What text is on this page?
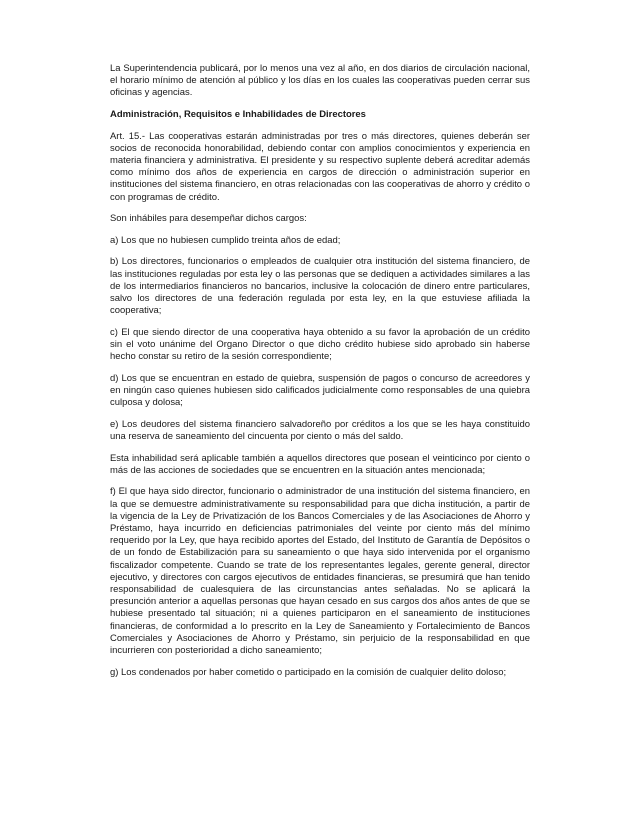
La Superintendencia publicará, por lo menos una vez al año, en dos diarios de circulación nacional, el horario mínimo de atención al público y los días en los cuales las cooperativas pueden cerrar sus oficinas y agencias.

Administración, Requisitos e Inhabilidades de Directores

Art. 15.- Las cooperativas estarán administradas por tres o más directores, quienes deberán ser socios de reconocida honorabilidad, debiendo contar con amplios conocimientos y experiencia en materia financiera y administrativa. El presidente y su respectivo suplente deberá acreditar además como mínimo dos años de experiencia en cargos de dirección o administración superior en instituciones del sistema financiero, en otras relacionadas con las cooperativas de ahorro y crédito o con programas de crédito.

Son inhábiles para desempeñar dichos cargos:

a) Los que no hubiesen cumplido treinta años de edad;

b) Los directores, funcionarios o empleados de cualquier otra institución del sistema financiero, de las instituciones reguladas por esta ley o las personas que se dediquen a actividades similares a las de los intermediarios financieros no bancarios, inclusive la colocación de dinero entre particulares, salvo los directores de una federación regulada por esta ley, en la que estuviese afiliada la cooperativa;

c) El que siendo director de una cooperativa haya obtenido a su favor la aprobación de un crédito sin el voto unánime del Organo Director o que dicho crédito hubiese sido aprobado sin haberse hecho constar su retiro de la sesión correspondiente;

d) Los que se encuentran en estado de quiebra, suspensión de pagos o concurso de acreedores y en ningún caso quienes hubiesen sido calificados judicialmente como responsables de una quiebra culposa y dolosa;

e) Los deudores del sistema financiero salvadoreño por créditos a los que se les haya constituido una reserva de saneamiento del cincuenta por ciento o más del saldo.

Esta inhabilidad será aplicable también a aquellos directores que posean el veinticinco por ciento o más de las acciones de sociedades que se encuentren en la situación antes mencionada;

f) El que haya sido director, funcionario o administrador de una institución del sistema financiero, en la que se demuestre administrativamente su responsabilidad para que dicha institución, a partir de la vigencia de la Ley de Privatización de los Bancos Comerciales y de las Asociaciones de Ahorro y Préstamo, haya incurrido en deficiencias patrimoniales del veinte por ciento más del mínimo requerido por la Ley, que haya recibido aportes del Estado, del Instituto de Garantía de Depósitos o de un fondo de Estabilización para su saneamiento o que haya sido intervenida por el organismo fiscalizador competente. Cuando se trate de los representantes legales, gerente general, director ejecutivo, y directores con cargos ejecutivos de entidades financieras, se presumirá que han tenido responsabilidad de cualesquiera de las circunstancias antes señaladas. No se aplicará la presunción anterior a aquellas personas que hayan cesado en sus cargos dos años antes de que se hubiese presentado tal situación; ni a quienes participaron en el saneamiento de instituciones financieras, de conformidad a lo prescrito en la Ley de Saneamiento y Fortalecimiento de Bancos Comerciales y Asociaciones de Ahorro y Préstamo, sin perjuicio de la responsabilidad en que incurrieren con posterioridad a dicho saneamiento;

g) Los condenados por haber cometido o participado en la comisión de cualquier delito doloso;
